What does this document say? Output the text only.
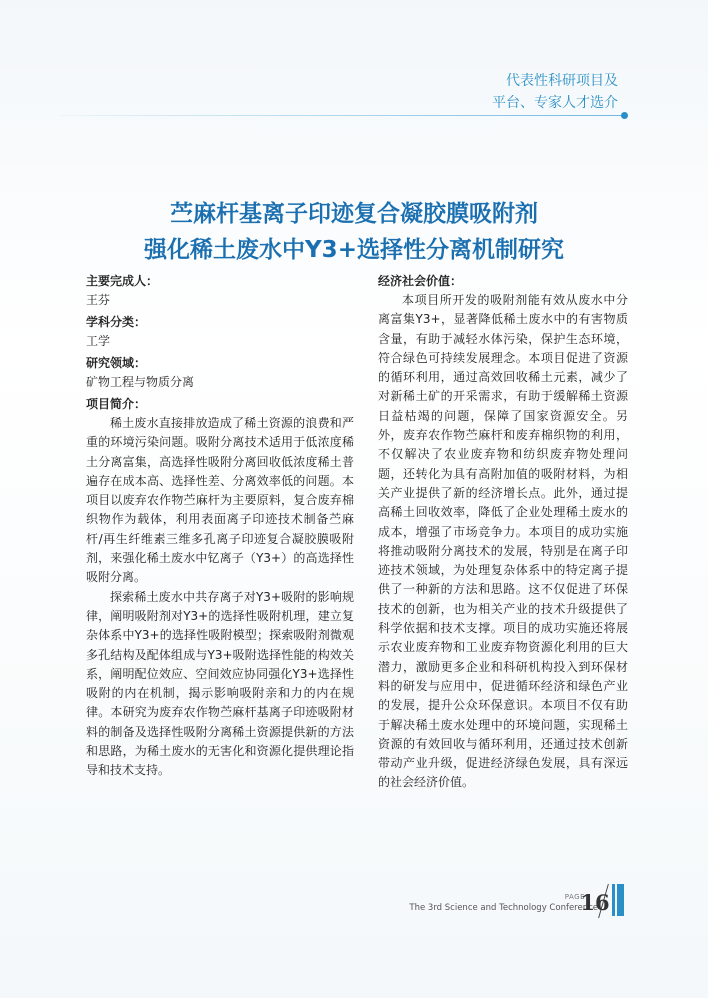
代表性科研项目及
平台、专家人才选介
苎麻杆基离子印迹复合凝胶膜吸附剂
强化稀土废水中Y3+选择性分离机制研究

主要完成人：

王芬

学科分类：

工学

研究领域：

矿物工程与物质分离

项目简介：

稀土废水直接排放造成了稀土资源的浪费和严重的环境污染问题。吸附分离技术适用于低浓度稀土分离富集，高选择性吸附分离回收低浓度稀土普遍存在成本高、选择性差、分离效率低的问题。本项目以废弃农作物苎麻杆为主要原料，复合废弃棉织物作为载体，利用表面离子印迹技术制备苎麻杆/再生纤维素三维多孔离子印迹复合凝胶膜吸附剂，来强化稀土废水中钇离子（Y3+）的高选择性吸附分离。

探索稀土废水中共存离子对Y3+吸附的影响规律，阐明吸附剂对Y3+的选择性吸附机理，建立复杂体系中Y3+的选择性吸附模型；探索吸附剂微观多孔结构及配体组成与Y3+吸附选择性能的构效关系，阐明配位效应、空间效应协同强化Y3+选择性吸附的内在机制，揭示影响吸附亲和力的内在规律。本研究为废弃农作物苎麻杆基离子印迹吸附材料的制备及选择性吸附分离稀土资源提供新的方法和思路，为稀土废水的无害化和资源化提供理论指导和技术支持。

经济社会价值：

本项目所开发的吸附剂能有效从废水中分离富集Y3+，显著降低稀土废水中的有害物质含量，有助于减轻水体污染，保护生态环境，符合绿色可持续发展理念。本项目促进了资源的循环利用，通过高效回收稀土元素，减少了对新稀土矿的开采需求，有助于缓解稀土资源日益枯竭的问题，保障了国家资源安全。另外，废弃农作物苎麻杆和废弃棉织物的利用，不仅解决了农业废弃物和纺织废弃物处理问题，还转化为具有高附加值的吸附材料，为相关产业提供了新的经济增长点。此外，通过提高稀土回收效率，降低了企业处理稀土废水的成本，增强了市场竞争力。本项目的成功实施将推动吸附分离技术的发展，特别是在离子印迹技术领域，为处理复杂体系中的特定离子提供了一种新的方法和思路。这不仅促进了环保技术的创新，也为相关产业的技术升级提供了科学依据和技术支撑。项目的成功实施还将展示农业废弃物和工业废弃物资源化利用的巨大潜力，激励更多企业和科研机构投入到环保材料的研发与应用中，促进循环经济和绿色产业的发展，提升公众环保意识。本项目不仅有助于解决稀土废水处理中的环境问题，实现稀土资源的有效回收与循环利用，还通过技术创新带动产业升级，促进经济绿色发展，具有深远的社会经济价值。

PAGE
The 3rd Science and Technology Conference
16
